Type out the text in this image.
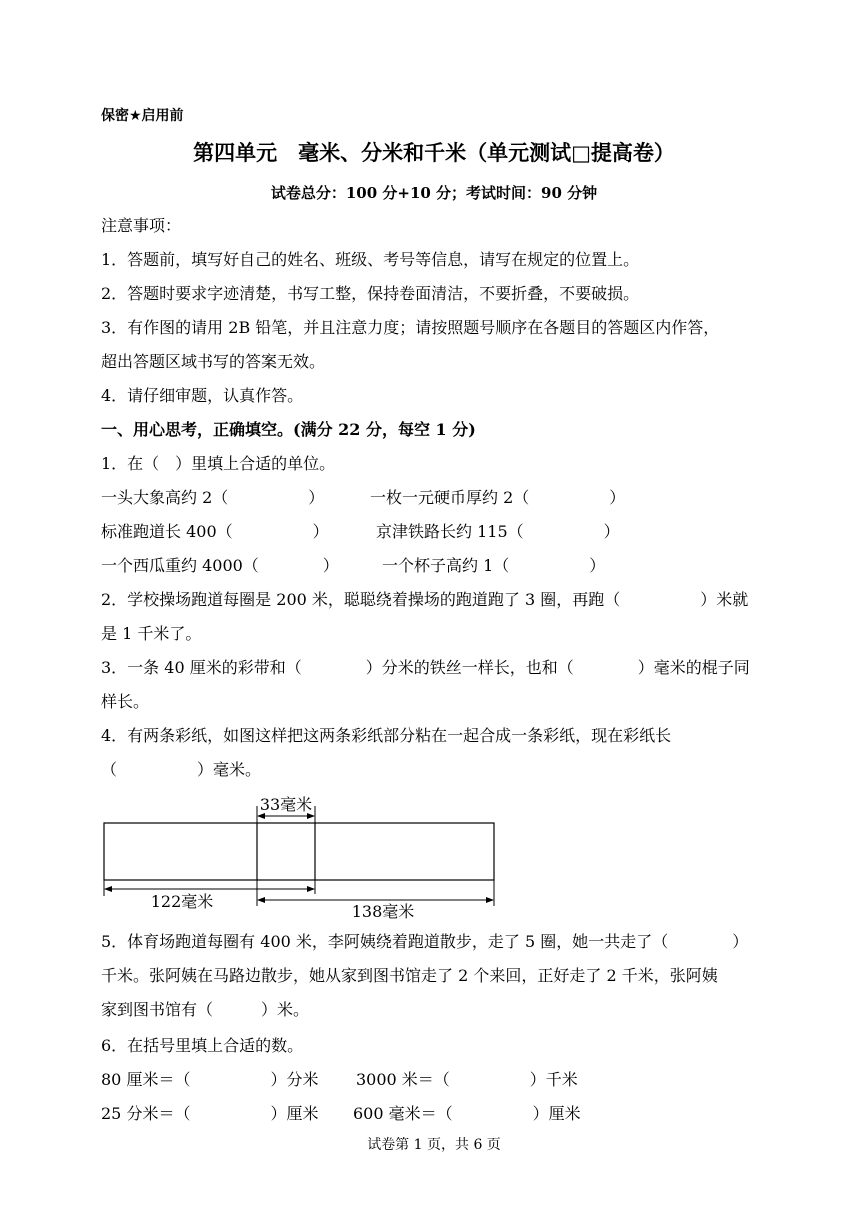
保密★启用前
第四单元　毫米、分米和千米（单元测试□提高卷）
试卷总分：100 分+10 分；考试时间：90 分钟
注意事项：
1．答题前，填写好自己的姓名、班级、考号等信息，请写在规定的位置上。
2．答题时要求字迹清楚，书写工整，保持卷面清洁，不要折叠，不要破损。
3．有作图的请用 2B 铅笔，并且注意力度；请按照题号顺序在各题目的答题区内作答，
超出答题区域书写的答案无效。
4．请仔细审题，认真作答。
一、用心思考，正确填空。(满分 22 分，每空 1 分)
1．在（　）里填上合适的单位。
一头大象高约 2（　　　　　）	一枚一元硬币厚约 2（　　　　　）
标准跑道长 400（　　　　　）	京津铁路长约 115（　　　　　）
一个西瓜重约 4000（　　　　）	一个杯子高约 1（　　　　　）
2．学校操场跑道每圈是 200 米，聪聪绕着操场的跑道跑了 3 圈，再跑（　　　　　）米就
是 1 千米了。
3．一条 40 厘米的彩带和（　　　　）分米的铁丝一样长，也和（　　　　）毫米的棍子同
样长。
4．有两条彩纸，如图这样把这两条彩纸部分粘在一起合成一条彩纸，现在彩纸长
（　　　　　）毫米。
33毫米
122毫米
138毫米
5．体育场跑道每圈有 400 米，李阿姨绕着跑道散步，走了 5 圈，她一共走了（　　　　）
千米。张阿姨在马路边散步，她从家到图书馆走了 2 个来回，正好走了 2 千米，张阿姨
家到图书馆有（　　　）米。
6．在括号里填上合适的数。
80 厘米＝（　　　　　）分米 3000 米＝（　　　　　）千米
25 分米＝（　　　　　）厘米 600 毫米＝（　　　　　）厘米
试卷第 1 页，共 6 页
